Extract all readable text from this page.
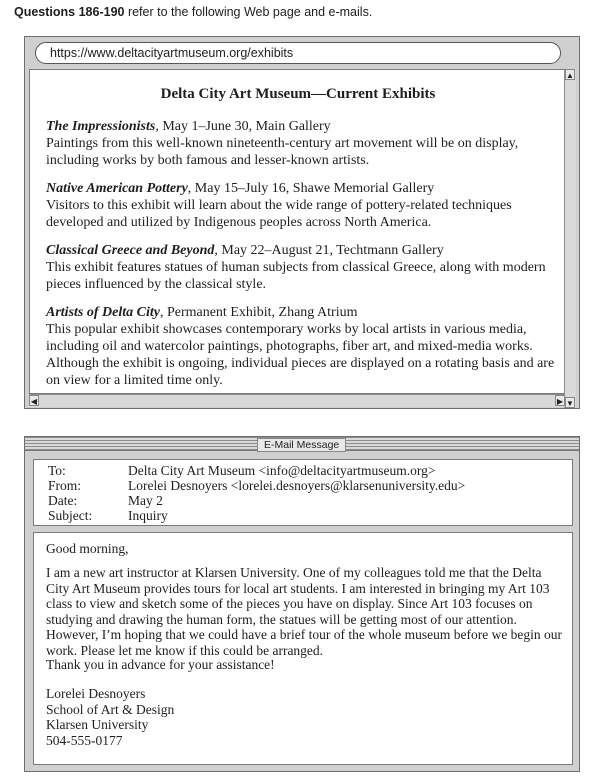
Questions 186-190 refer to the following Web page and e-mails.
https://www.deltacityartmuseum.org/exhibits
Delta City Art Museum—Current Exhibits
The Impressionists, May 1–June 30, Main Gallery
Paintings from this well-known nineteenth-century art movement will be on display, including works by both famous and lesser-known artists.
Native American Pottery, May 15–July 16, Shawe Memorial Gallery
Visitors to this exhibit will learn about the wide range of pottery-related techniques developed and utilized by Indigenous peoples across North America.
Classical Greece and Beyond, May 22–August 21, Techtmann Gallery
This exhibit features statues of human subjects from classical Greece, along with modern pieces influenced by the classical style.
Artists of Delta City, Permanent Exhibit, Zhang Atrium
This popular exhibit showcases contemporary works by local artists in various media, including oil and watercolor paintings, photographs, fiber art, and mixed-media works. Although the exhibit is ongoing, individual pieces are displayed on a rotating basis and are on view for a limited time only.
▲
▼
◀	▶
E-Mail Message
To:	Delta City Art Museum <info@deltacityartmuseum.org>
From:	Lorelei Desnoyers <lorelei.desnoyers@klarsenuniversity.edu>
Date:	May 2
Subject:	Inquiry
Good morning,
I am a new art instructor at Klarsen University. One of my colleagues told me that the Delta City Art Museum provides tours for local art students. I am interested in bringing my Art 103 class to view and sketch some of the pieces you have on display. Since Art 103 focuses on studying and drawing the human form, the statues will be getting most of our attention. However, I’m hoping that we could have a brief tour of the whole museum before we begin our work. Please let me know if this could be arranged.
Thank you in advance for your assistance!
Lorelei Desnoyers
School of Art & Design
Klarsen University
504-555-0177
